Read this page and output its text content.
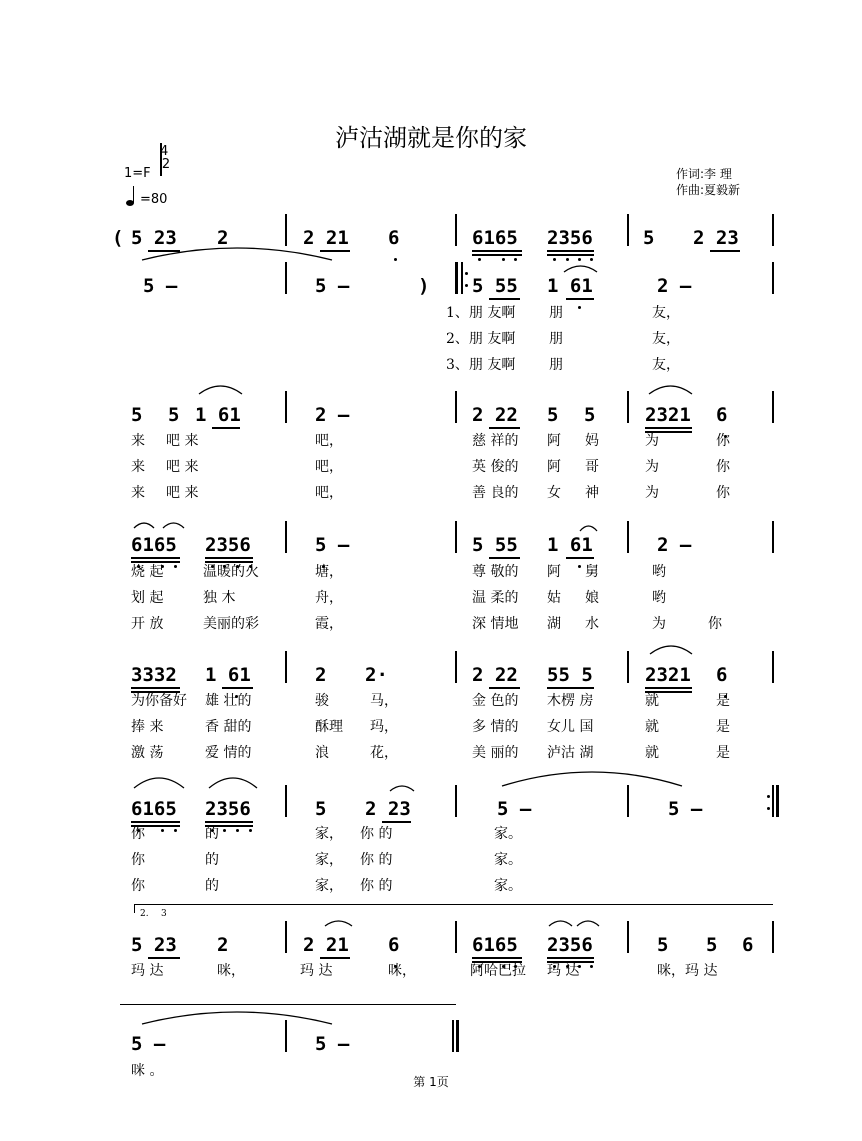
泸沽湖就是你的家
1=F
2
4
=80
作词:李 理
作曲:夏毅新
( 5 23 2	2 21 6	6165 2356	5 2 23
5 –	5 –	) 5 55 1 61	2 –
5 5 1 61	2 –	2 22 5 5	2321 6
6165 2356	5 –	5 55 1 61	2 –
3332 1 61	2 2·	2 22 55 5	2321 6
6165 2356	5 2 23	5 –	5 –
5 23 2	2 21 6	6165 2356	5 5 6
5 –	5 –
第 1页
2. 3
1、朋 友啊 朋	友，
2、朋 友啊 朋	友，
3、朋 友啊 朋	友，
来 吧 来	吧，	慈 祥的 阿 妈	为	你
来 吧 来	吧，	英 俊的 阿 哥	为	你
来 吧 来	吧，	善 良的 女 神	为	你
烧 起	温暖的火	塘，	尊 敬的 阿 舅	哟
划 起	独 木	舟，	温 柔的 姑 娘	哟
开 放	美丽的彩	霞，	深 情地 湖 水	为	你
为你备好 雄 壮的	骏	马，	金 色的 木楞 房	就	是
捧 来	香 甜的	酥理 玛，	多 情的 女儿 国	就	是
激 荡	爱 情的	浪	花，	美 丽的 泸沽 湖	就	是
你	的	家， 你 的	家。
你	的	家， 你 的	家。
你	的	家， 你 的	家。
玛 达	咪，	玛 达	咪，	阿哈巴拉 玛 达	咪，玛 达
咪 。
